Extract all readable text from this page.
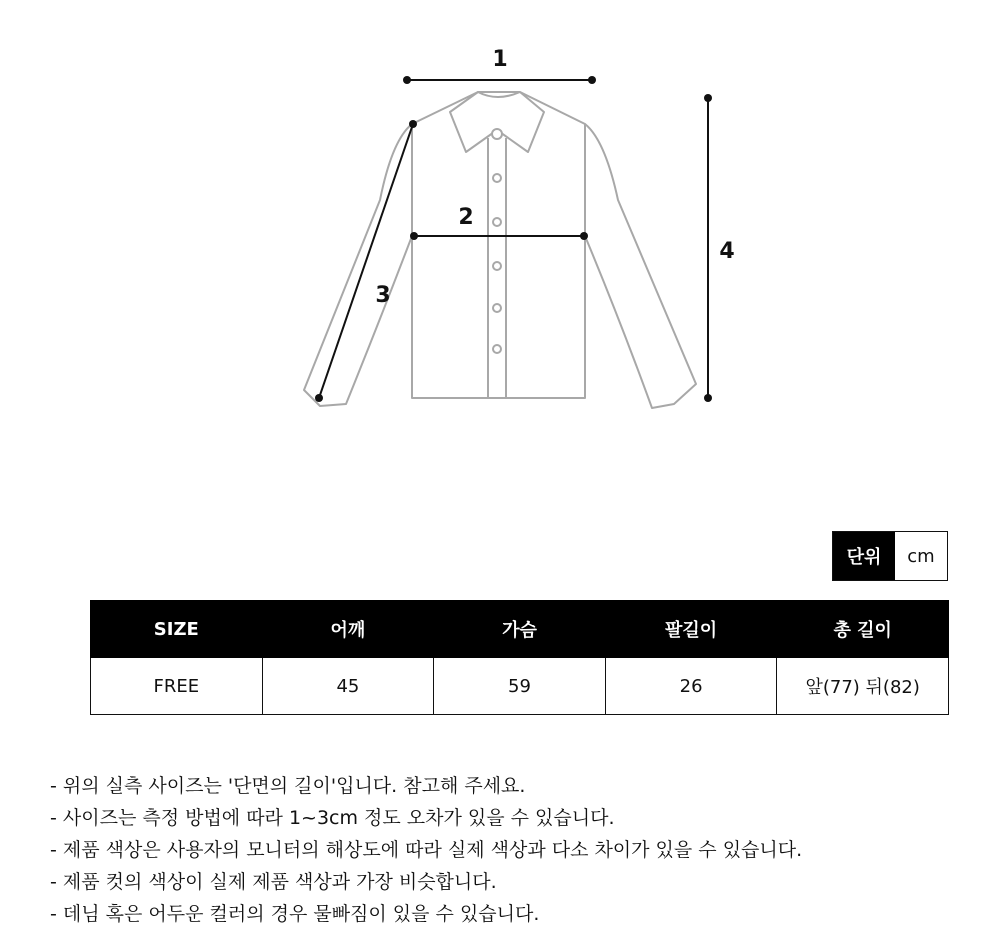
1
2
3
4
단위	cm
SIZE	어깨	가슴	팔길이	총 길이
FREE	45	59	26	앞(77) 뒤(82)
- 위의 실측 사이즈는 '단면의 길이'입니다. 참고해 주세요.
- 사이즈는 측정 방법에 따라 1~3cm 정도 오차가 있을 수 있습니다.
- 제품 색상은 사용자의 모니터의 해상도에 따라 실제 색상과 다소 차이가 있을 수 있습니다.
- 제품 컷의 색상이 실제 제품 색상과 가장 비슷합니다.
- 데님 혹은 어두운 컬러의 경우 물빠짐이 있을 수 있습니다.
